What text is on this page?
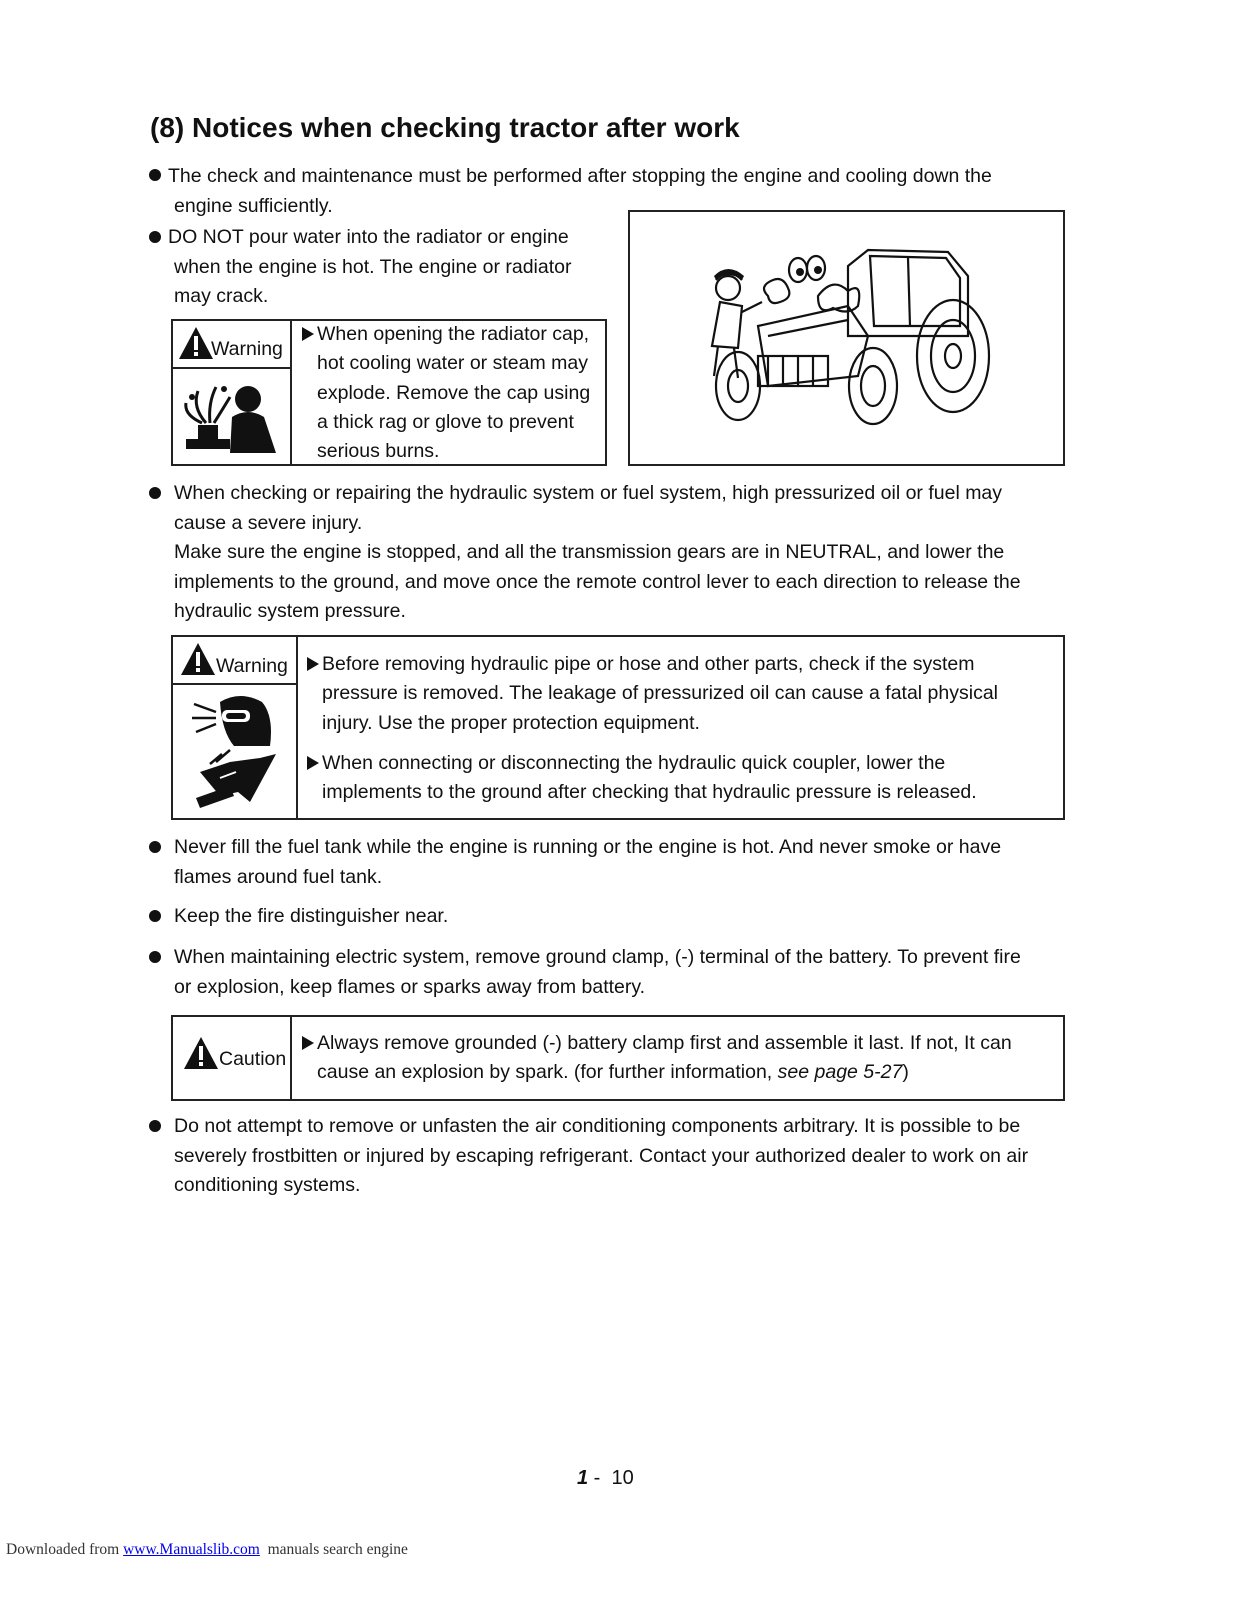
(8) Notices when checking tractor after work
The check and maintenance must be performed after stopping the engine and cooling down the
engine sufficiently.
DO NOT pour water into the radiator or engine
when the engine is hot. The engine or radiator
may crack.
Warning
When opening the radiator cap,
hot cooling water or steam may
explode. Remove the cap using
a thick rag or glove to prevent
serious burns.
When checking or repairing the hydraulic system or fuel system, high pressurized oil or fuel may
cause a severe injury.
Make sure the engine is stopped, and all the transmission gears are in NEUTRAL, and lower the
implements to the ground, and move once the remote control lever to each direction to release the
hydraulic system pressure.
Warning Before removing hydraulic pipe or hose and other parts, check if the system
pressure is removed. The leakage of pressurized oil can cause a fatal physical
injury. Use the proper protection equipment.
When connecting or disconnecting the hydraulic quick coupler, lower the
implements to the ground after checking that hydraulic pressure is released.
Never fill the fuel tank while the engine is running or the engine is hot. And never smoke or have
flames around fuel tank.
Keep the fire distinguisher near.
When maintaining electric system, remove ground clamp, (-) terminal of the battery. To prevent fire
or explosion, keep flames or sparks away from battery.
Caution
Always remove grounded (-) battery clamp first and assemble it last. If not, It can
cause an explosion by spark. (for further information, see page 5-27)
Do not attempt to remove or unfasten the air conditioning components arbitrary. It is possible to be
severely frostbitten or injured by escaping refrigerant. Contact your authorized dealer to work on air
conditioning systems.
1 -  10
Downloaded from www.Manualslib.com  manuals search engine
